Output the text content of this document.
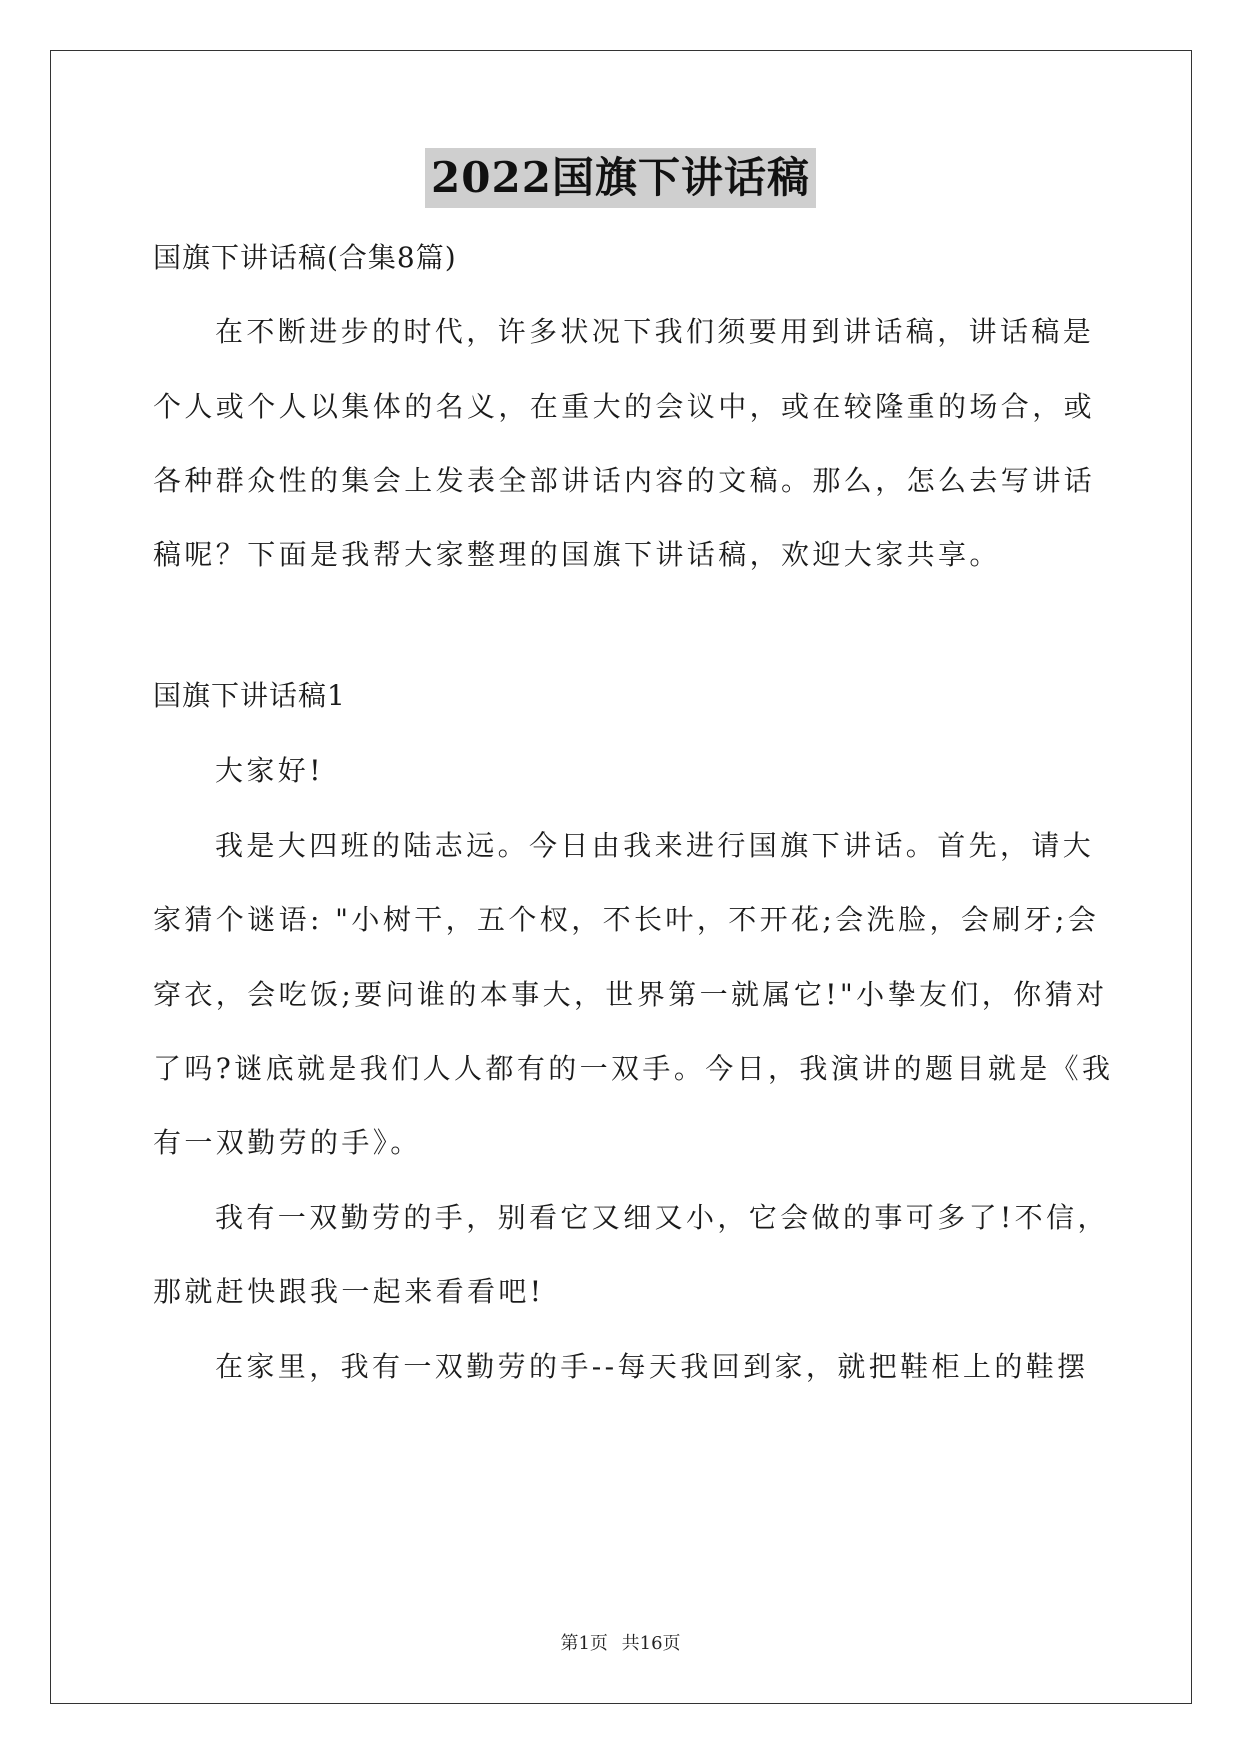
2022国旗下讲话稿
国旗下讲话稿(合集8篇)
在不断进步的时代，许多状况下我们须要用到讲话稿，讲话稿是
个人或个人以集体的名义，在重大的会议中，或在较隆重的场合，或
各种群众性的集会上发表全部讲话内容的文稿。那么，怎么去写讲话
稿呢？下面是我帮大家整理的国旗下讲话稿，欢迎大家共享。
国旗下讲话稿1
大家好!
我是大四班的陆志远。今日由我来进行国旗下讲话。首先，请大
家猜个谜语: "小树干，五个杈，不长叶，不开花;会洗脸，会刷牙;会
穿衣，会吃饭;要问谁的本事大，世界第一就属它!"小挚友们，你猜对
了吗?谜底就是我们人人都有的一双手。今日，我演讲的题目就是《我
有一双勤劳的手》。
我有一双勤劳的手，别看它又细又小，它会做的事可多了!不信，
那就赶快跟我一起来看看吧!
在家里，我有一双勤劳的手--每天我回到家，就把鞋柜上的鞋摆
第1页 共16页
